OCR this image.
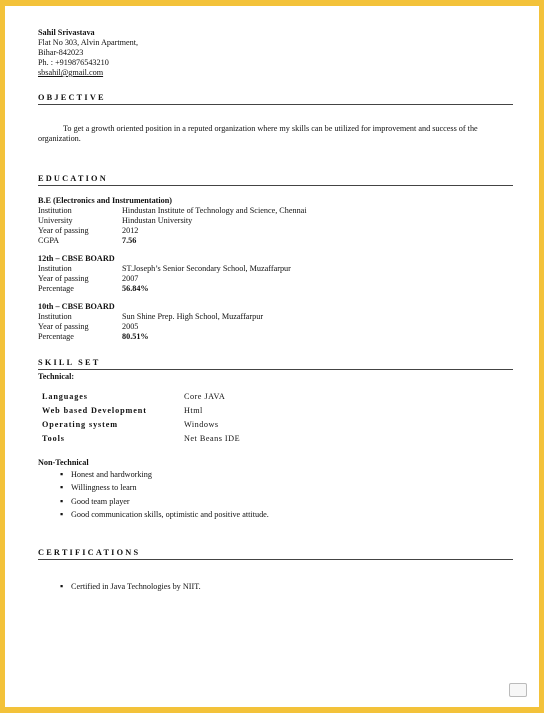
Sahil Srivastava
Flat No 303, Alvin Apartment,
Bihar-842023
Ph. : +919876543210
sbsahil@gmail.com
OBJECTIVE
To get a growth oriented position in a reputed organization where my skills can be utilized for improvement and success of the organization.
EDUCATION
B.E (Electronics and Instrumentation)
Institution	Hindustan Institute of Technology and Science, Chennai
University	Hindustan University
Year of passing	2012
CGPA	7.56
12th – CBSE BOARD
Institution	ST.Joseph’s Senior Secondary School, Muzaffarpur
Year of passing	2007
Percentage	56.84%
10th – CBSE BOARD
Institution	Sun Shine Prep. High School, Muzaffarpur
Year of passing	2005
Percentage	80.51%
SKILL SET
Technical:
Languages	Core JAVA
Web based Development	Html
Operating system	Windows
Tools	Net Beans IDE
Non-Technical
▪ Honest and hardworking
▪ Willingness to learn
▪ Good team player
▪ Good communication skills, optimistic and positive attitude.
CERTIFICATIONS
▪ Certified in Java Technologies by NIIT.
